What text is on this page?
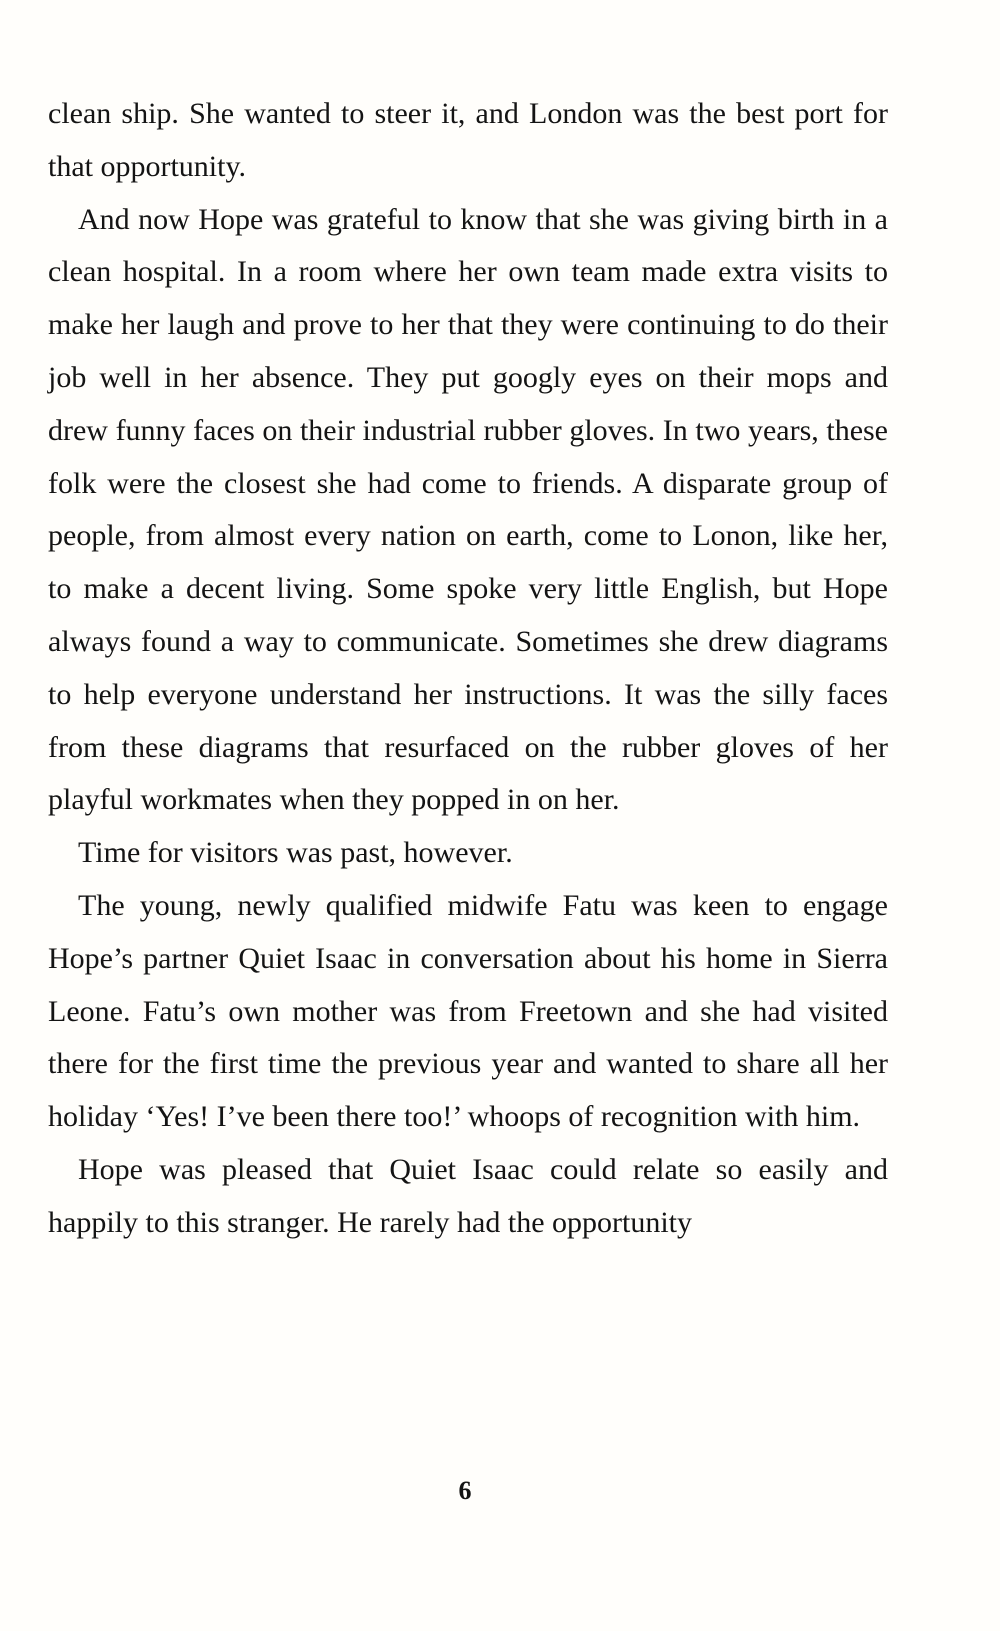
clean ship. She wanted to steer it, and London was the best port for that opportunity.

And now Hope was grateful to know that she was giving birth in a clean hospital. In a room where her own team made extra visits to make her laugh and prove to her that they were continuing to do their job well in her absence. They put googly eyes on their mops and drew funny faces on their industrial rubber gloves. In two years, these folk were the closest she had come to friends. A disparate group of people, from almost every nation on earth, come to Lonon, like her, to make a decent living. Some spoke very little English, but Hope always found a way to communicate. Sometimes she drew diagrams to help everyone understand her instructions. It was the silly faces from these diagrams that resurfaced on the rubber gloves of her playful workmates when they popped in on her.

Time for visitors was past, however.

The young, newly qualified midwife Fatu was keen to engage Hope’s partner Quiet Isaac in conversation about his home in Sierra Leone. Fatu’s own mother was from Freetown and she had visited there for the first time the previous year and wanted to share all her holiday ‘Yes! I’ve been there too!’ whoops of recognition with him.

Hope was pleased that Quiet Isaac could relate so easily and happily to this stranger. He rarely had the opportunity

6
